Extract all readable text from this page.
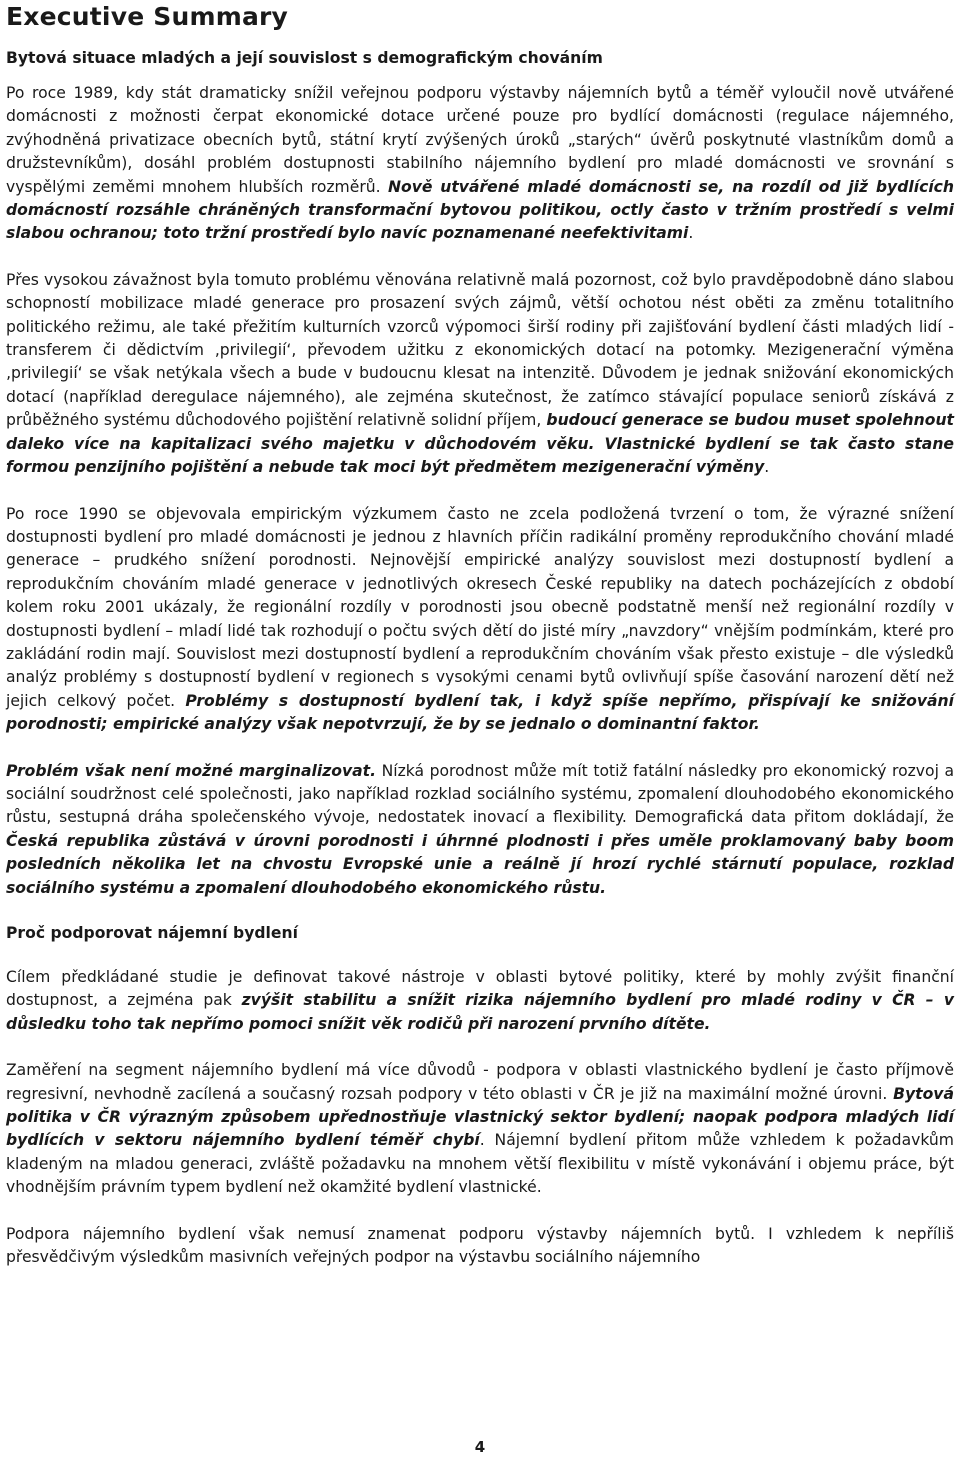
Executive Summary
Bytová situace mladých a její souvislost s demografickým chováním

Po roce 1989, kdy stát dramaticky snížil veřejnou podporu výstavby nájemních bytů a téměř vyloučil nově utvářené domácnosti z možnosti čerpat ekonomické dotace určené pouze pro bydlící domácnosti (regulace nájemného, zvýhodněná privatizace obecních bytů, státní krytí zvýšených úroků „starých“ úvěrů poskytnuté vlastníkům domů a družstevníkům), dosáhl problém dostupnosti stabilního nájemního bydlení pro mladé domácnosti ve srovnání s vyspělými zeměmi mnohem hlubších rozměrů. Nově utvářené mladé domácnosti se, na rozdíl od již bydlících domácností rozsáhle chráněných transformační bytovou politikou, octly často v tržním prostředí s velmi slabou ochranou; toto tržní prostředí bylo navíc poznamenané neefektivitami.

Přes vysokou závažnost byla tomuto problému věnována relativně malá pozornost, což bylo pravděpodobně dáno slabou schopností mobilizace mladé generace pro prosazení svých zájmů, větší ochotou nést oběti za změnu totalitního politického režimu, ale také přežitím kulturních vzorců výpomoci širší rodiny při zajišťování bydlení části mladých lidí - transferem či dědictvím ‚privilegií‘, převodem užitku z ekonomických dotací na potomky. Mezigenerační výměna ‚privilegií‘ se však netýkala všech a bude v budoucnu klesat na intenzitě. Důvodem je jednak snižování ekonomických dotací (například deregulace nájemného), ale zejména skutečnost, že zatímco stávající populace seniorů získává z průběžného systému důchodového pojištění relativně solidní příjem, budoucí generace se budou muset spolehnout daleko více na kapitalizaci svého majetku v důchodovém věku. Vlastnické bydlení se tak často stane formou penzijního pojištění a nebude tak moci být předmětem mezigenerační výměny.

Po roce 1990 se objevovala empirickým výzkumem často ne zcela podložená tvrzení o tom, že výrazné snížení dostupnosti bydlení pro mladé domácnosti je jednou z hlavních příčin radikální proměny reprodukčního chování mladé generace – prudkého snížení porodnosti. Nejnovější empirické analýzy souvislost mezi dostupností bydlení a reprodukčním chováním mladé generace v jednotlivých okresech České republiky na datech pocházejících z období kolem roku 2001 ukázaly, že regionální rozdíly v porodnosti jsou obecně podstatně menší než regionální rozdíly v dostupnosti bydlení – mladí lidé tak rozhodují o počtu svých dětí do jisté míry „navzdory“ vnějším podmínkám, které pro zakládání rodin mají. Souvislost mezi dostupností bydlení a reprodukčním chováním však přesto existuje – dle výsledků analýz problémy s dostupností bydlení v regionech s vysokými cenami bytů ovlivňují spíše časování narození dětí než jejich celkový počet. Problémy s dostupností bydlení tak, i když spíše nepřímo, přispívají ke snižování porodnosti; empirické analýzy však nepotvrzují, že by se jednalo o dominantní faktor.

Problém však není možné marginalizovat. Nízká porodnost může mít totiž fatální následky pro ekonomický rozvoj a sociální soudržnost celé společnosti, jako například rozklad sociálního systému, zpomalení dlouhodobého ekonomického růstu, sestupná dráha společenského vývoje, nedostatek inovací a flexibility. Demografická data přitom dokládají, že Česká republika zůstává v úrovni porodnosti i úhrnné plodnosti i přes uměle proklamovaný baby boom posledních několika let na chvostu Evropské unie a reálně jí hrozí rychlé stárnutí populace, rozklad sociálního systému a zpomalení dlouhodobého ekonomického růstu.

Proč podporovat nájemní bydlení

Cílem předkládané studie je definovat takové nástroje v oblasti bytové politiky, které by mohly zvýšit finanční dostupnost, a zejména pak zvýšit stabilitu a snížit rizika nájemního bydlení pro mladé rodiny v ČR – v důsledku toho tak nepřímo pomoci snížit věk rodičů při narození prvního dítěte.

Zaměření na segment nájemního bydlení má více důvodů - podpora v oblasti vlastnického bydlení je často příjmově regresivní, nevhodně zacílená a současný rozsah podpory v této oblasti v ČR je již na maximální možné úrovni. Bytová politika v ČR výrazným způsobem upřednostňuje vlastnický sektor bydlení; naopak podpora mladých lidí bydlících v sektoru nájemního bydlení téměř chybí. Nájemní bydlení přitom může vzhledem k požadavkům kladeným na mladou generaci, zvláště požadavku na mnohem větší flexibilitu v místě vykonávání i objemu práce, být vhodnějším právním typem bydlení než okamžité bydlení vlastnické.

Podpora nájemního bydlení však nemusí znamenat podporu výstavby nájemních bytů. I vzhledem k nepříliš přesvědčivým výsledkům masivních veřejných podpor na výstavbu sociálního nájemního

4
